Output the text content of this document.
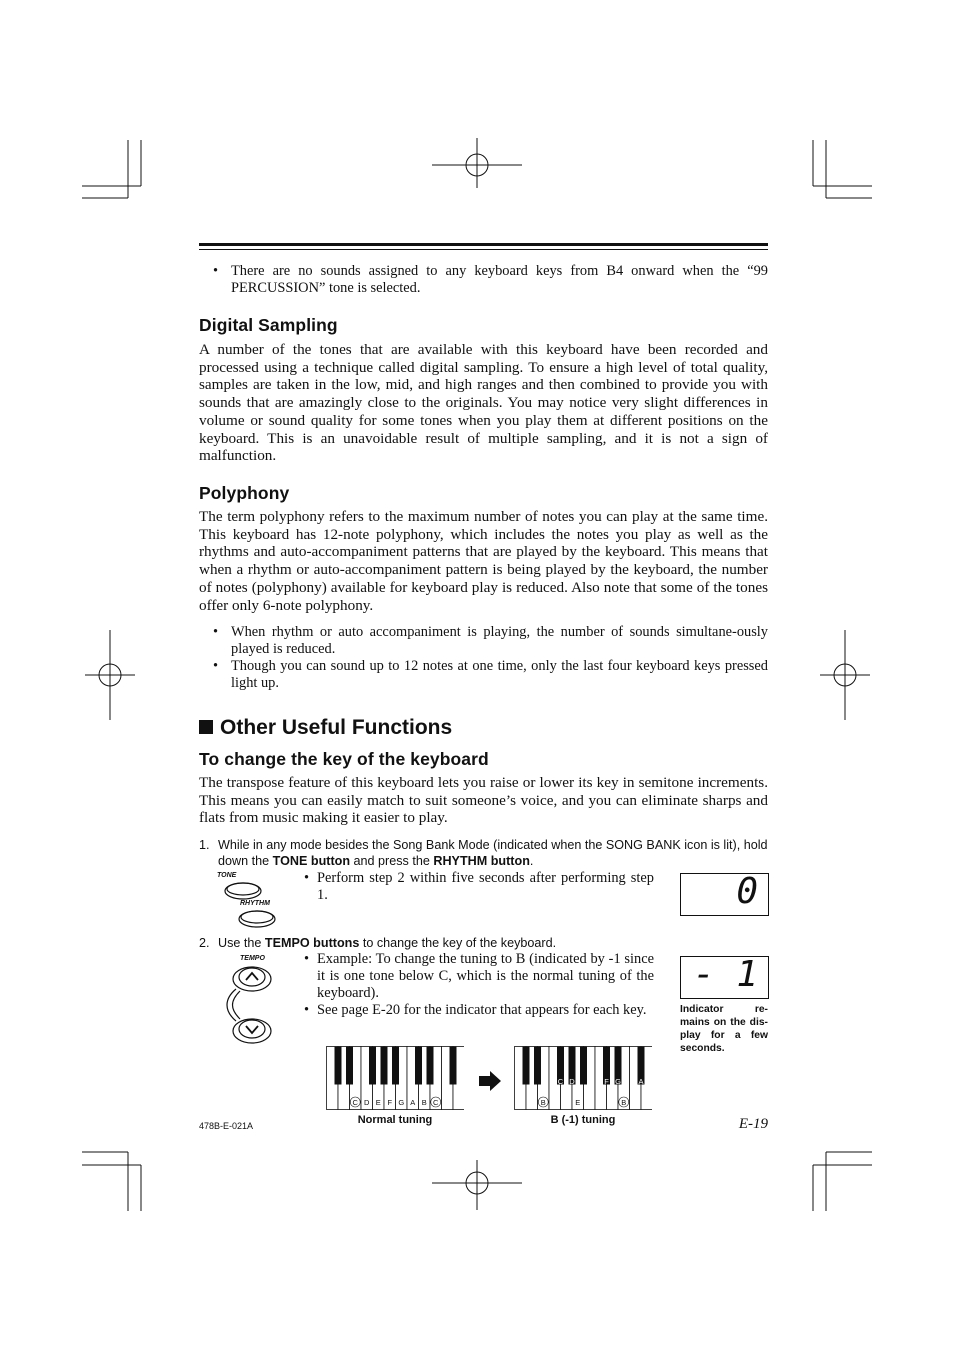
• There are no sounds assigned to any keyboard keys from B4 onward when the “99 PERCUSSION” tone is selected.
Digital Sampling
A number of the tones that are available with this keyboard have been recorded and processed using a technique called digital sampling. To ensure a high level of total quality, samples are taken in the low, mid, and high ranges and then combined to provide you with sounds that are amazingly close to the originals. You may notice very slight differences in volume or sound quality for some tones when you play them at different positions on the keyboard. This is an unavoidable result of multiple sampling, and it is not a sign of malfunction.
Polyphony
The term polyphony refers to the maximum number of notes you can play at the same time. This keyboard has 12-note polyphony, which includes the notes you play as well as the rhythms and auto-accompaniment patterns that are played by the keyboard. This means that when a rhythm or auto-accompaniment pattern is being played by the keyboard, the number of notes (polyphony) available for keyboard play is reduced. Also note that some of the tones offer only 6-note polyphony.
• When rhythm or auto accompaniment is playing, the number of sounds simultane-ously played is reduced.
• Though you can sound up to 12 notes at one time, only the last four keyboard keys pressed light up.
Other Useful Functions
To change the key of the keyboard
The transpose feature of this keyboard lets you raise or lower its key in semitone increments. This means you can easily match to suit someone’s voice, and you can eliminate sharps and flats from music making it easier to play.
1. While in any mode besides the Song Bank Mode (indicated when the SONG BANK icon is lit), hold down the TONE button and press the RHYTHM button.
TONE
RHYTHM
• Perform step 2 within five seconds after performing step 1.	0
2. Use the TEMPO buttons to change the key of the keyboard.
TEMPO	• Example: To change the tuning to B (indicated by -1 since it is one tone below C, which is the normal tuning of the keyboard).
• See page E-20 for the indicator that appears for each key.
- 1
Indicator re-mains on the dis-play for a few seconds.
C D E F G A B C	B	E	B
C D	F G A
Normal tuning	B (-1) tuning
478B-E-021A	E-19
